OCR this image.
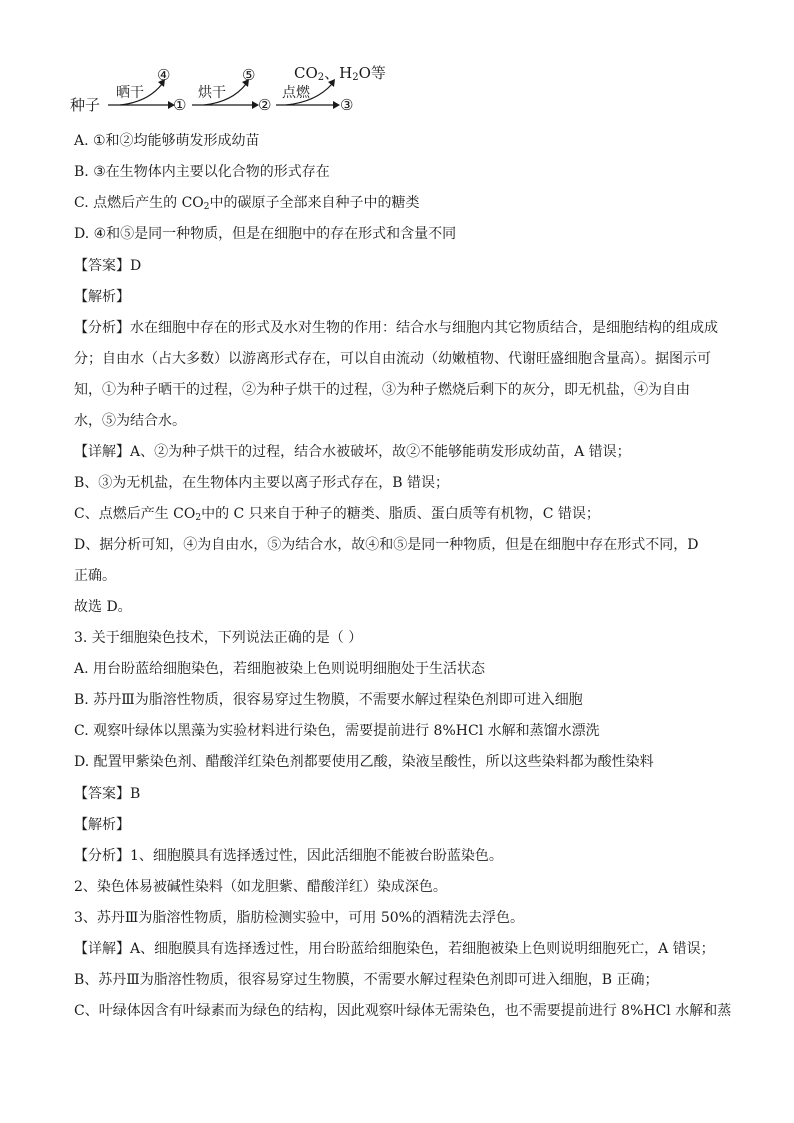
种子
晒干
①
④
烘干
②
⑤
点燃
③
$CO_2$、$H_2O$等
A. ①和②均能够萌发形成幼苗
B. ③在生物体内主要以化合物的形式存在
C. 点燃后产生的 $CO_2$中的碳原子全部来自种子中的糖类
D. ④和⑤是同一种物质，但是在细胞中的存在形式和含量不同
【答案】D
【解析】
【分析】水在细胞中存在的形式及水对生物的作用：结合水与细胞内其它物质结合，是细胞结构的组成成
分；自由水（占大多数）以游离形式存在，可以自由流动（幼嫩植物、代谢旺盛细胞含量高）。据图示可
知，①为种子晒干的过程，②为种子烘干的过程，③为种子燃烧后剩下的灰分，即无机盐，④为自由
水，⑤为结合水。
【详解】A、②为种子烘干的过程，结合水被破坏，故②不能够能萌发形成幼苗，A 错误；
B、③为无机盐，在生物体内主要以离子形式存在，B 错误；
C、点燃后产生 $CO_2$中的 C 只来自于种子的糖类、脂质、蛋白质等有机物，C 错误；
D、据分析可知，④为自由水，⑤为结合水，故④和⑤是同一种物质，但是在细胞中存在形式不同，D
正确。
故选 D。
3. 关于细胞染色技术，下列说法正确的是（ ）
A. 用台盼蓝给细胞染色，若细胞被染上色则说明细胞处于生活状态
B. 苏丹Ⅲ为脂溶性物质，很容易穿过生物膜，不需要水解过程染色剂即可进入细胞
C. 观察叶绿体以黑藻为实验材料进行染色，需要提前进行 8%HCl 水解和蒸馏水漂洗
D. 配置甲紫染色剂、醋酸洋红染色剂都要使用乙酸，染液呈酸性，所以这些染料都为酸性染料
【答案】B
【解析】
【分析】1、细胞膜具有选择透过性，因此活细胞不能被台盼蓝染色。
2、染色体易被碱性染料（如龙胆紫、醋酸洋红）染成深色。
3、苏丹Ⅲ为脂溶性物质，脂肪检测实验中，可用 50%的酒精洗去浮色。
【详解】A、细胞膜具有选择透过性，用台盼蓝给细胞染色，若细胞被染上色则说明细胞死亡，A 错误；
B、苏丹Ⅲ为脂溶性物质，很容易穿过生物膜，不需要水解过程染色剂即可进入细胞，B 正确；
C、叶绿体因含有叶绿素而为绿色的结构，因此观察叶绿体无需染色，也不需要提前进行 8%HCl 水解和蒸
